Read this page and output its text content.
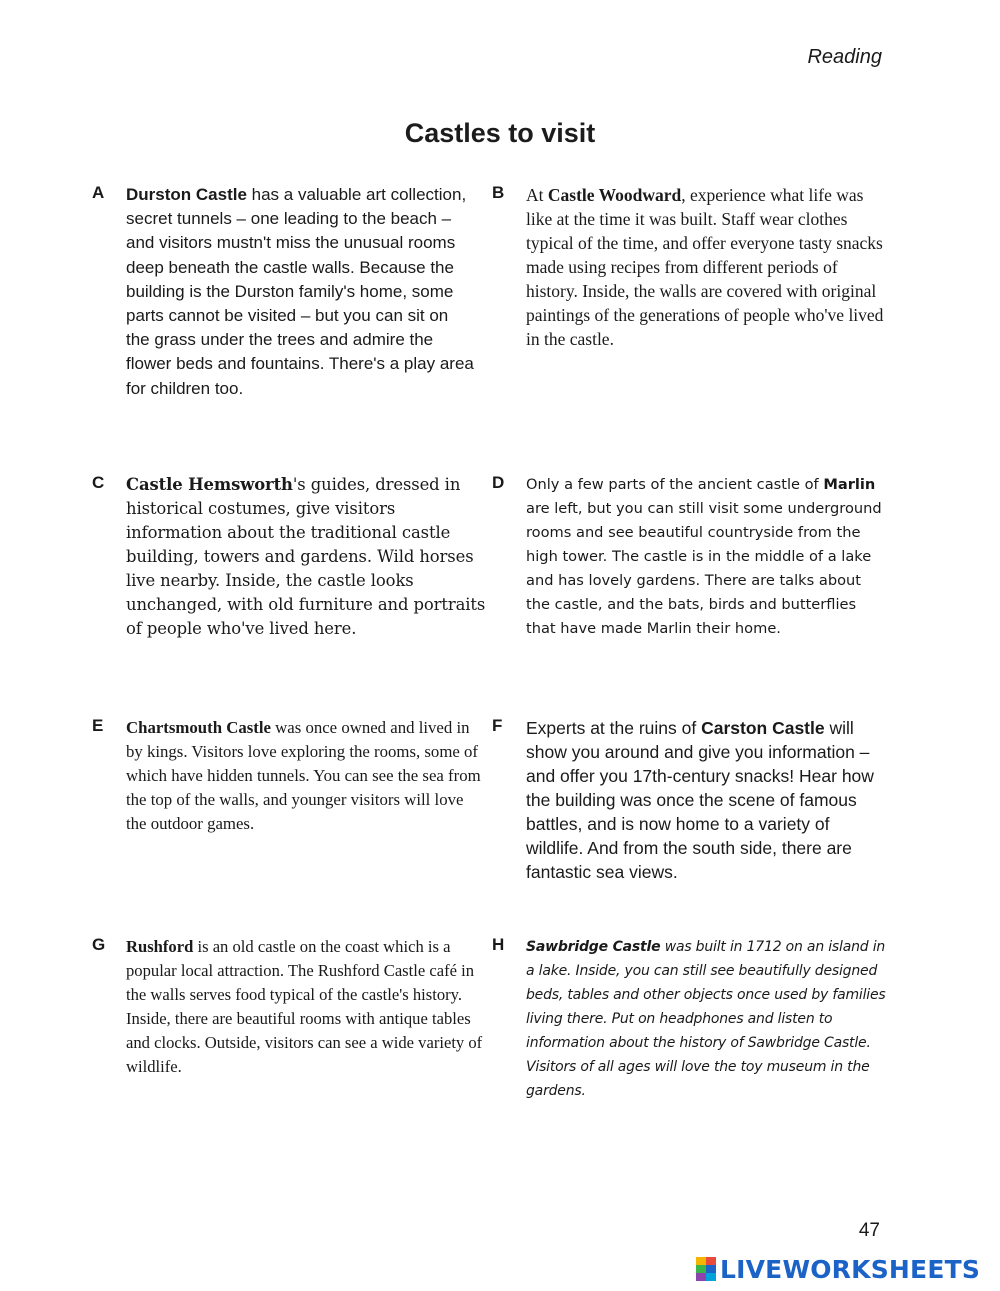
Reading
Castles to visit
A Durston Castle has a valuable art collection, secret tunnels – one leading to the beach – and visitors mustn't miss the unusual rooms deep beneath the castle walls. Because the building is the Durston family's home, some parts cannot be visited – but you can sit on the grass under the trees and admire the flower beds and fountains. There's a play area for children too.

B At Castle Woodward, experience what life was like at the time it was built. Staff wear clothes typical of the time, and offer everyone tasty snacks made using recipes from different periods of history. Inside, the walls are covered with original paintings of the generations of people who've lived in the castle.

C Castle Hemsworth's guides, dressed in historical costumes, give visitors information about the traditional castle building, towers and gardens. Wild horses live nearby. Inside, the castle looks unchanged, with old furniture and portraits of people who've lived here.

D Only a few parts of the ancient castle of Marlin are left, but you can still visit some underground rooms and see beautiful countryside from the high tower. The castle is in the middle of a lake and has lovely gardens. There are talks about the castle, and the bats, birds and butterflies that have made Marlin their home.

E Chartsmouth Castle was once owned and lived in by kings. Visitors love exploring the rooms, some of which have hidden tunnels. You can see the sea from the top of the walls, and younger visitors will love the outdoor games.

F Experts at the ruins of Carston Castle will show you around and give you information – and offer you 17th-century snacks! Hear how the building was once the scene of famous battles, and is now home to a variety of wildlife. And from the south side, there are fantastic sea views.

G Rushford is an old castle on the coast which is a popular local attraction. The Rushford Castle café in the walls serves food typical of the castle's history. Inside, there are beautiful rooms with antique tables and clocks. Outside, visitors can see a wide variety of wildlife.

H Sawbridge Castle was built in 1712 on an island in a lake. Inside, you can still see beautifully designed beds, tables and other objects once used by families living there. Put on headphones and listen to information about the history of Sawbridge Castle. Visitors of all ages will love the toy museum in the gardens.

47
LIVEWORKSHEETS
